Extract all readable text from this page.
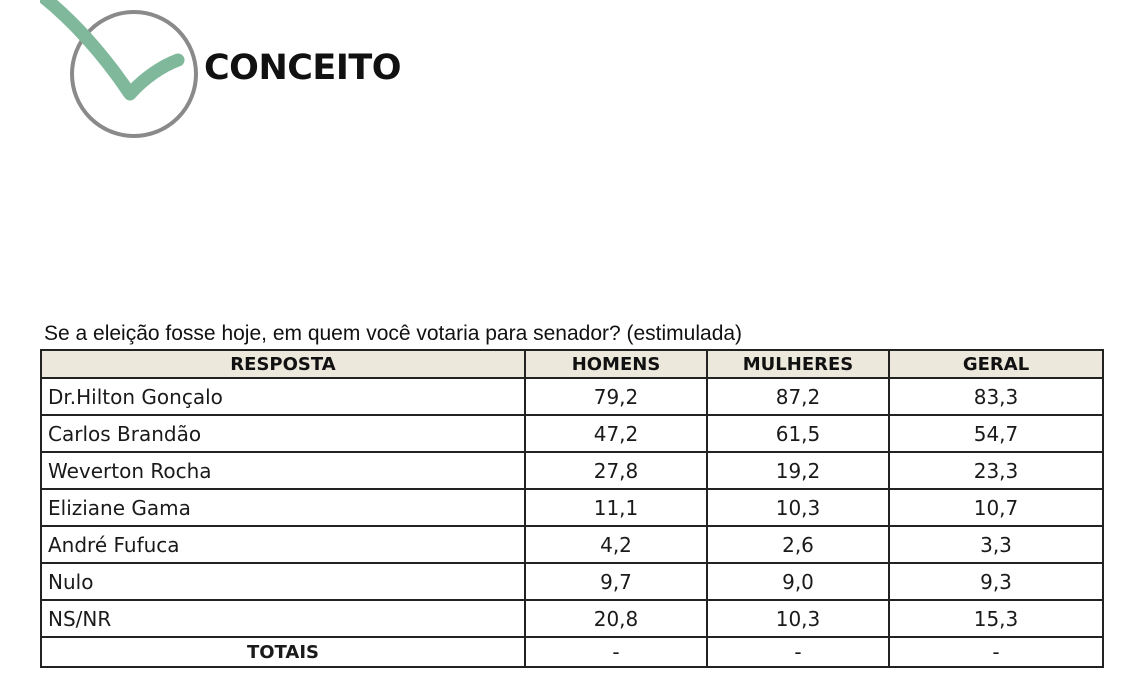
CONCEITO
Se a eleição fosse hoje, em quem você votaria para senador? (estimulada)
RESPOSTA	HOMENS	MULHERES	GERAL
Dr.Hilton Gonçalo	79,2	87,2	83,3
Carlos Brandão	47,2	61,5	54,7
Weverton Rocha	27,8	19,2	23,3
Eliziane Gama	11,1	10,3	10,7
André Fufuca	4,2	2,6	3,3
Nulo	9,7	9,0	9,3
NS/NR	20,8	10,3	15,3
TOTAIS	-	-	-
